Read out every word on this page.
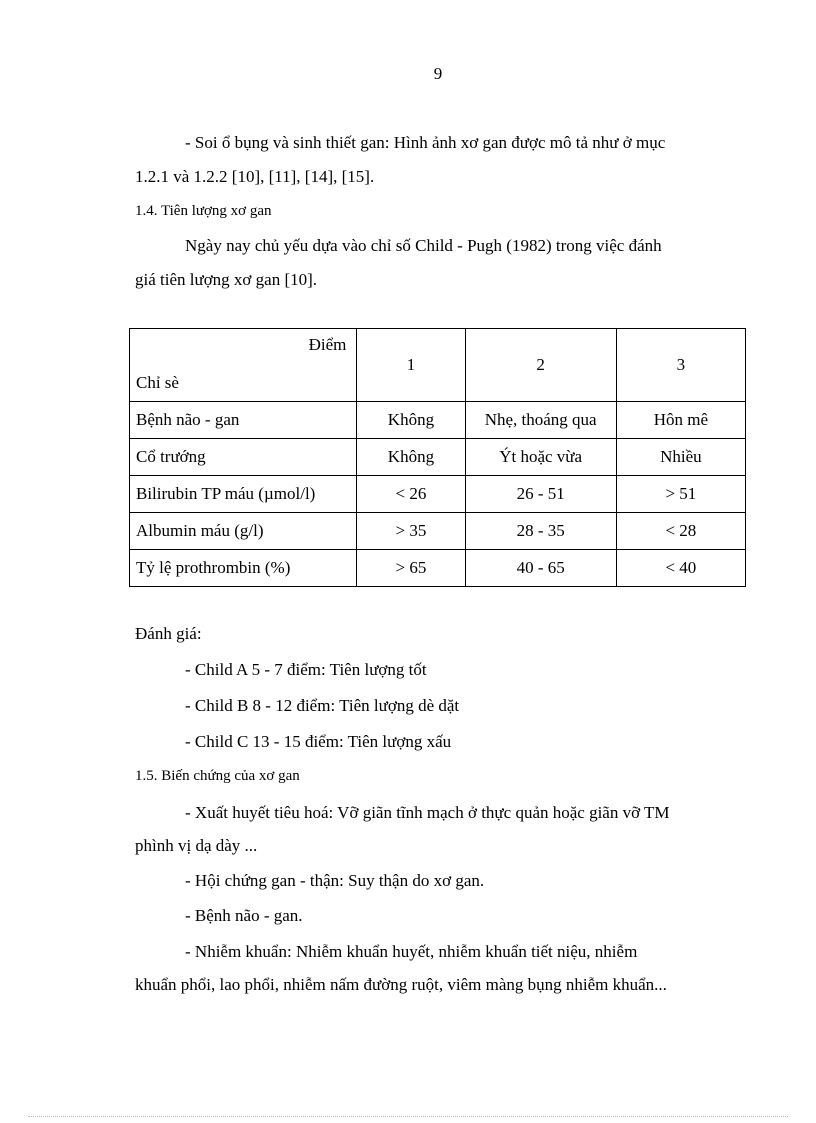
9
- Soi ổ bụng và sinh thiết gan: Hình ảnh xơ gan được mô tả như ở mục
1.2.1 và 1.2.2 [10], [11], [14], [15].
1.4. Tiên lượng xơ gan
Ngày nay chủ yếu dựa vào chỉ số Child - Pugh (1982) trong việc đánh
giá tiên lượng xơ gan [10].
Điểm
Chỉ sè	1	2	3
Bệnh não - gan	Không	Nhẹ, thoáng qua	Hôn mê
Cổ trướng	Không	Ýt hoặc vừa	Nhiều
Bilirubin TP máu (µmol/l)	< 26	26 - 51	> 51
Albumin máu (g/l)	> 35	28 - 35	< 28
Tỷ lệ prothrombin (%)	> 65	40 - 65	< 40
Đánh giá:
- Child A 5 - 7 điểm: Tiên lượng tốt
- Child B 8 - 12 điểm: Tiên lượng dè dặt
- Child C 13 - 15 điểm: Tiên lượng xấu
1.5. Biến chứng của xơ gan
- Xuất huyết tiêu hoá: Vỡ giãn tĩnh mạch ở thực quản hoặc giãn vỡ TM
phình vị dạ dày ...
- Hội chứng gan - thận: Suy thận do xơ gan.
- Bệnh não - gan.
- Nhiễm khuẩn: Nhiễm khuẩn huyết, nhiễm khuẩn tiết niệu, nhiễm
khuẩn phổi, lao phổi, nhiễm nấm đường ruột, viêm màng bụng nhiễm khuẩn...
